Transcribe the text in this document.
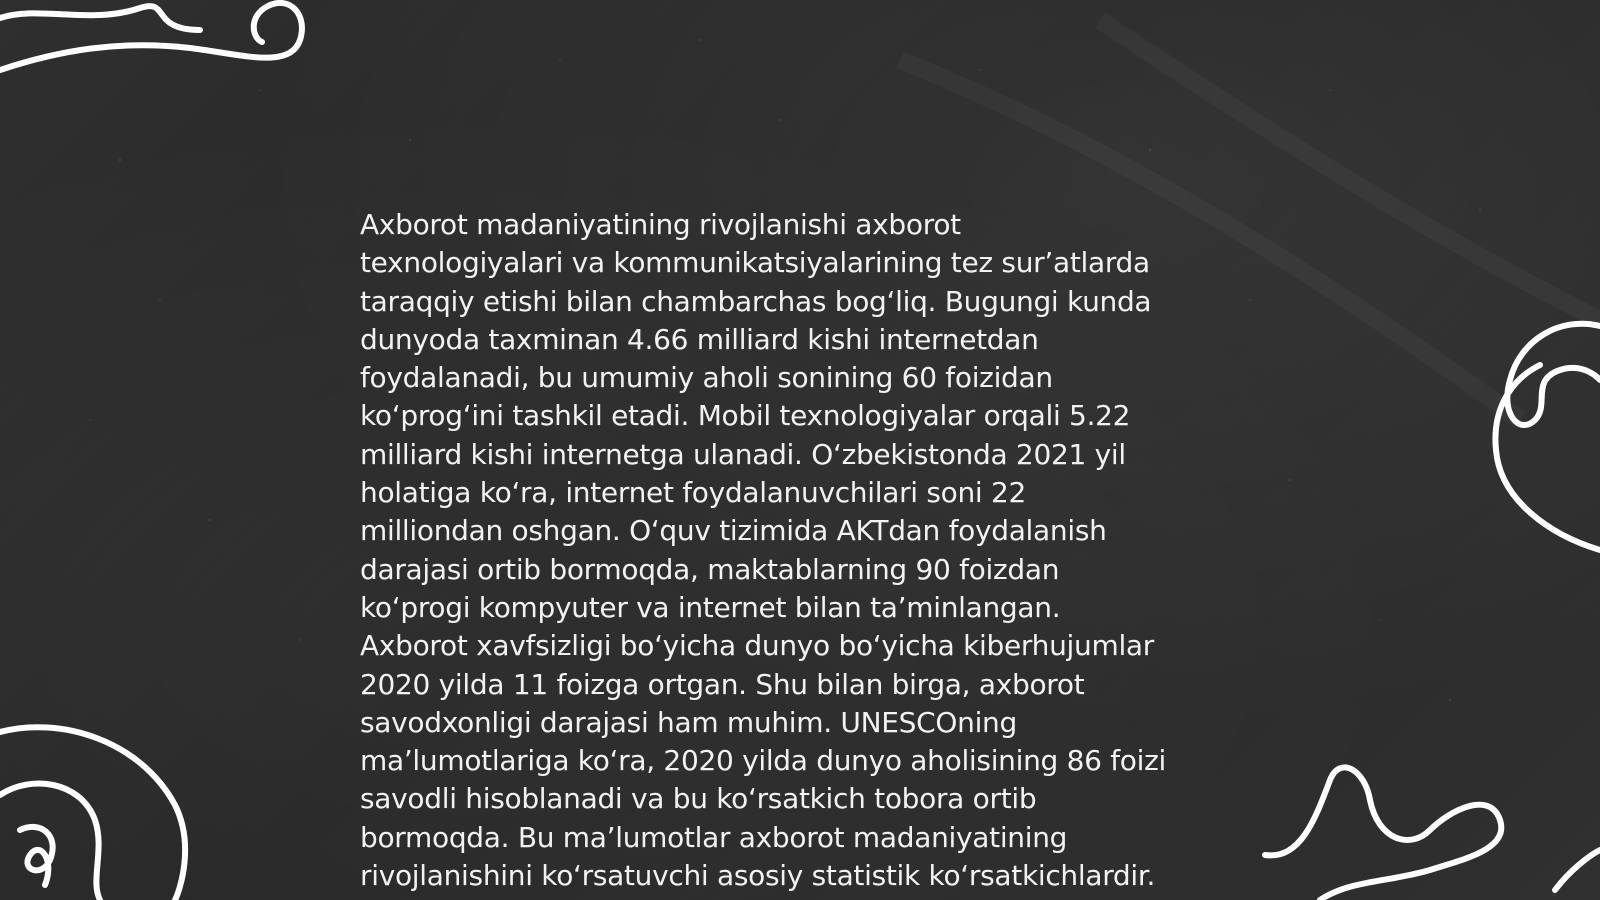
Axborot madaniyatining rivojlanishi axborot
texnologiyalari va kommunikatsiyalarining tez sur’atlarda
taraqqiy etishi bilan chambarchas bog‘liq. Bugungi kunda
dunyoda taxminan 4.66 milliard kishi internetdan
foydalanadi, bu umumiy aholi sonining 60 foizidan
ko‘prog‘ini tashkil etadi. Mobil texnologiyalar orqali 5.22
milliard kishi internetga ulanadi. O‘zbekistonda 2021 yil
holatiga ko‘ra, internet foydalanuvchilari soni 22
milliondan oshgan. O‘quv tizimida AKTdan foydalanish
darajasi ortib bormoqda, maktablarning 90 foizdan
ko‘progi kompyuter va internet bilan ta’minlangan.
Axborot xavfsizligi bo‘yicha dunyo bo‘yicha kiberhujumlar
2020 yilda 11 foizga ortgan. Shu bilan birga, axborot
savodxonligi darajasi ham muhim. UNESCOning
ma’lumotlariga ko‘ra, 2020 yilda dunyo aholisining 86 foizi
savodli hisoblanadi va bu ko‘rsatkich tobora ortib
bormoqda. Bu ma’lumotlar axborot madaniyatining
rivojlanishini ko‘rsatuvchi asosiy statistik ko‘rsatkichlardir.
